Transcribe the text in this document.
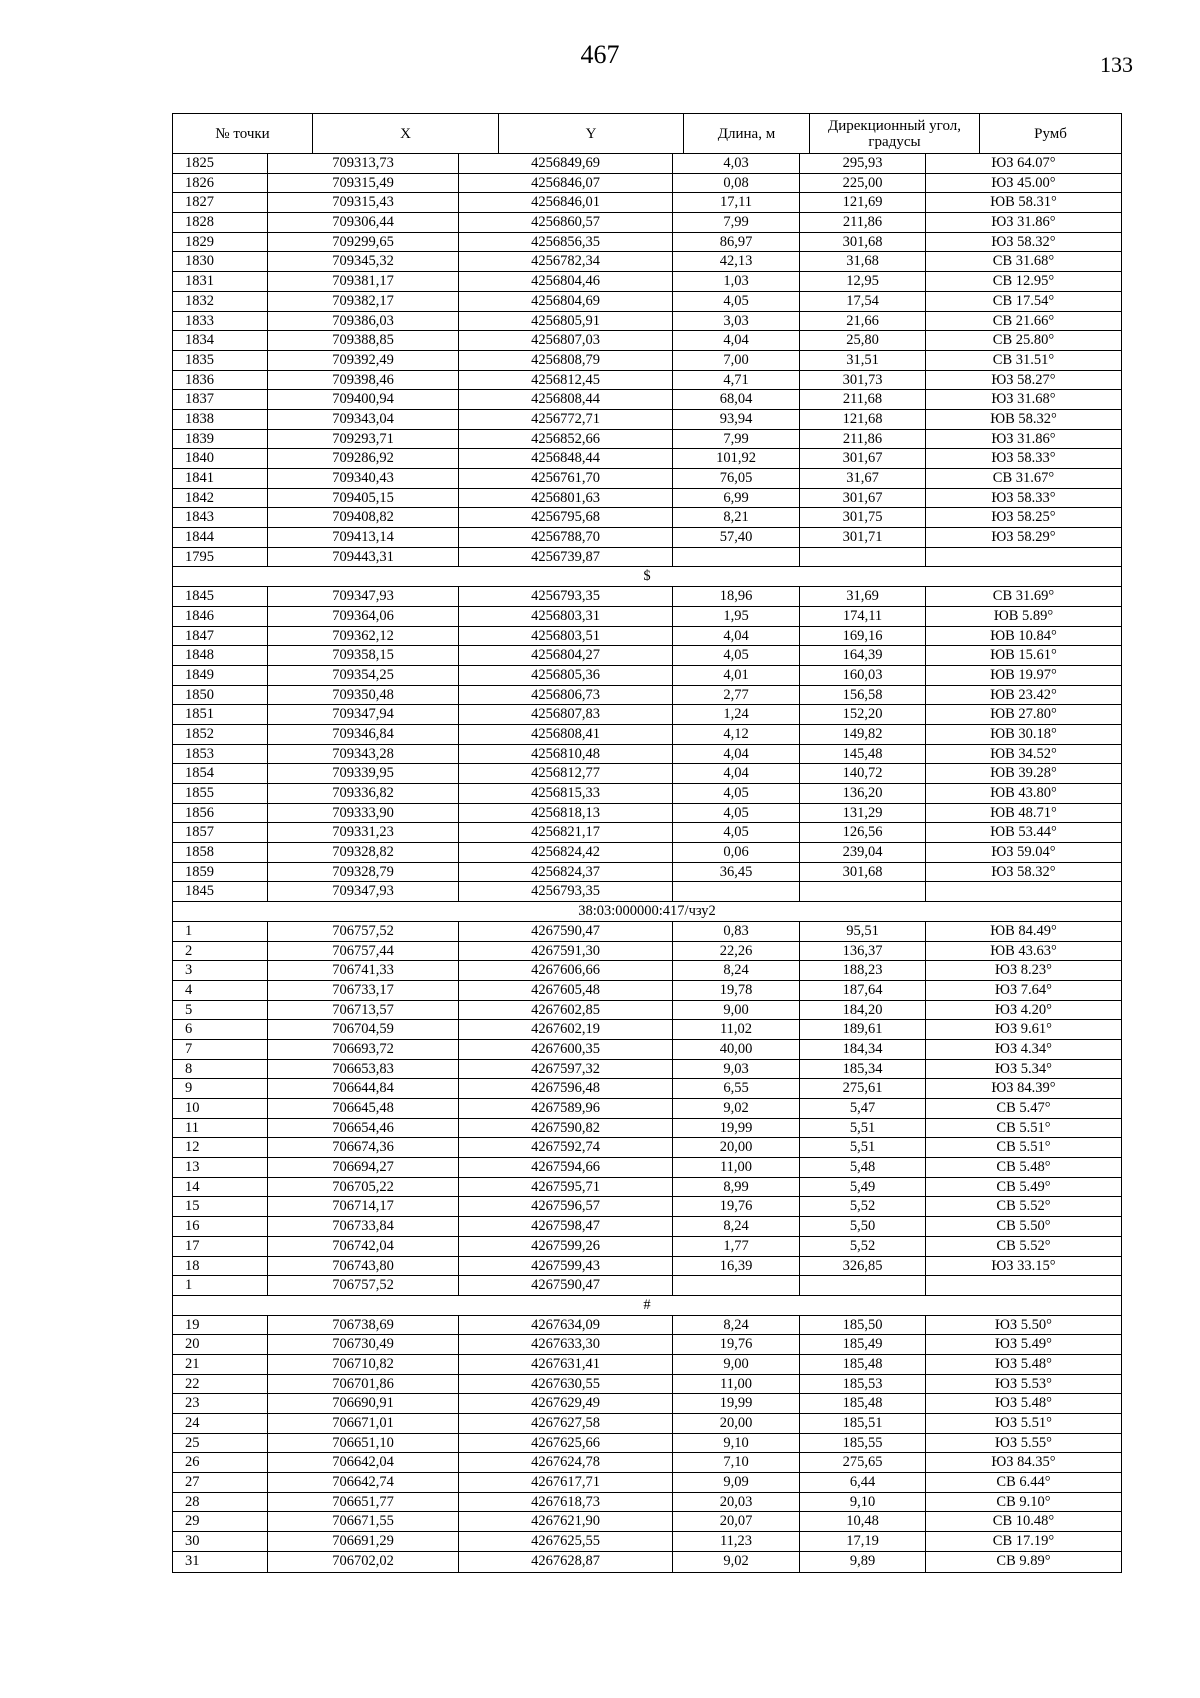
467	133
№ точки	X	Y	Длина, м	Дирекционный угол, градусы	Румб
1825	709313,73	4256849,69	4,03	295,93	ЮЗ 64.07°
1826	709315,49	4256846,07	0,08	225,00	ЮЗ 45.00°
1827	709315,43	4256846,01	17,11	121,69	ЮВ 58.31°
1828	709306,44	4256860,57	7,99	211,86	ЮЗ 31.86°
1829	709299,65	4256856,35	86,97	301,68	ЮЗ 58.32°
1830	709345,32	4256782,34	42,13	31,68	СВ 31.68°
1831	709381,17	4256804,46	1,03	12,95	СВ 12.95°
1832	709382,17	4256804,69	4,05	17,54	СВ 17.54°
1833	709386,03	4256805,91	3,03	21,66	СВ 21.66°
1834	709388,85	4256807,03	4,04	25,80	СВ 25.80°
1835	709392,49	4256808,79	7,00	31,51	СВ 31.51°
1836	709398,46	4256812,45	4,71	301,73	ЮЗ 58.27°
1837	709400,94	4256808,44	68,04	211,68	ЮЗ 31.68°
1838	709343,04	4256772,71	93,94	121,68	ЮВ 58.32°
1839	709293,71	4256852,66	7,99	211,86	ЮЗ 31.86°
1840	709286,92	4256848,44	101,92	301,67	ЮЗ 58.33°
1841	709340,43	4256761,70	76,05	31,67	СВ 31.67°
1842	709405,15	4256801,63	6,99	301,67	ЮЗ 58.33°
1843	709408,82	4256795,68	8,21	301,75	ЮЗ 58.25°
1844	709413,14	4256788,70	57,40	301,71	ЮЗ 58.29°
1795	709443,31	4256739,87
$
1845	709347,93	4256793,35	18,96	31,69	СВ 31.69°
1846	709364,06	4256803,31	1,95	174,11	ЮВ 5.89°
1847	709362,12	4256803,51	4,04	169,16	ЮВ 10.84°
1848	709358,15	4256804,27	4,05	164,39	ЮВ 15.61°
1849	709354,25	4256805,36	4,01	160,03	ЮВ 19.97°
1850	709350,48	4256806,73	2,77	156,58	ЮВ 23.42°
1851	709347,94	4256807,83	1,24	152,20	ЮВ 27.80°
1852	709346,84	4256808,41	4,12	149,82	ЮВ 30.18°
1853	709343,28	4256810,48	4,04	145,48	ЮВ 34.52°
1854	709339,95	4256812,77	4,04	140,72	ЮВ 39.28°
1855	709336,82	4256815,33	4,05	136,20	ЮВ 43.80°
1856	709333,90	4256818,13	4,05	131,29	ЮВ 48.71°
1857	709331,23	4256821,17	4,05	126,56	ЮВ 53.44°
1858	709328,82	4256824,42	0,06	239,04	ЮЗ 59.04°
1859	709328,79	4256824,37	36,45	301,68	ЮЗ 58.32°
1845	709347,93	4256793,35
38:03:000000:417/чзу2
1	706757,52	4267590,47	0,83	95,51	ЮВ 84.49°
2	706757,44	4267591,30	22,26	136,37	ЮВ 43.63°
3	706741,33	4267606,66	8,24	188,23	ЮЗ 8.23°
4	706733,17	4267605,48	19,78	187,64	ЮЗ 7.64°
5	706713,57	4267602,85	9,00	184,20	ЮЗ 4.20°
6	706704,59	4267602,19	11,02	189,61	ЮЗ 9.61°
7	706693,72	4267600,35	40,00	184,34	ЮЗ 4.34°
8	706653,83	4267597,32	9,03	185,34	ЮЗ 5.34°
9	706644,84	4267596,48	6,55	275,61	ЮЗ 84.39°
10	706645,48	4267589,96	9,02	5,47	СВ 5.47°
11	706654,46	4267590,82	19,99	5,51	СВ 5.51°
12	706674,36	4267592,74	20,00	5,51	СВ 5.51°
13	706694,27	4267594,66	11,00	5,48	СВ 5.48°
14	706705,22	4267595,71	8,99	5,49	СВ 5.49°
15	706714,17	4267596,57	19,76	5,52	СВ 5.52°
16	706733,84	4267598,47	8,24	5,50	СВ 5.50°
17	706742,04	4267599,26	1,77	5,52	СВ 5.52°
18	706743,80	4267599,43	16,39	326,85	ЮЗ 33.15°
1	706757,52	4267590,47
#
19	706738,69	4267634,09	8,24	185,50	ЮЗ 5.50°
20	706730,49	4267633,30	19,76	185,49	ЮЗ 5.49°
21	706710,82	4267631,41	9,00	185,48	ЮЗ 5.48°
22	706701,86	4267630,55	11,00	185,53	ЮЗ 5.53°
23	706690,91	4267629,49	19,99	185,48	ЮЗ 5.48°
24	706671,01	4267627,58	20,00	185,51	ЮЗ 5.51°
25	706651,10	4267625,66	9,10	185,55	ЮЗ 5.55°
26	706642,04	4267624,78	7,10	275,65	ЮЗ 84.35°
27	706642,74	4267617,71	9,09	6,44	СВ 6.44°
28	706651,77	4267618,73	20,03	9,10	СВ 9.10°
29	706671,55	4267621,90	20,07	10,48	СВ 10.48°
30	706691,29	4267625,55	11,23	17,19	СВ 17.19°
31	706702,02	4267628,87	9,02	9,89	СВ 9.89°
